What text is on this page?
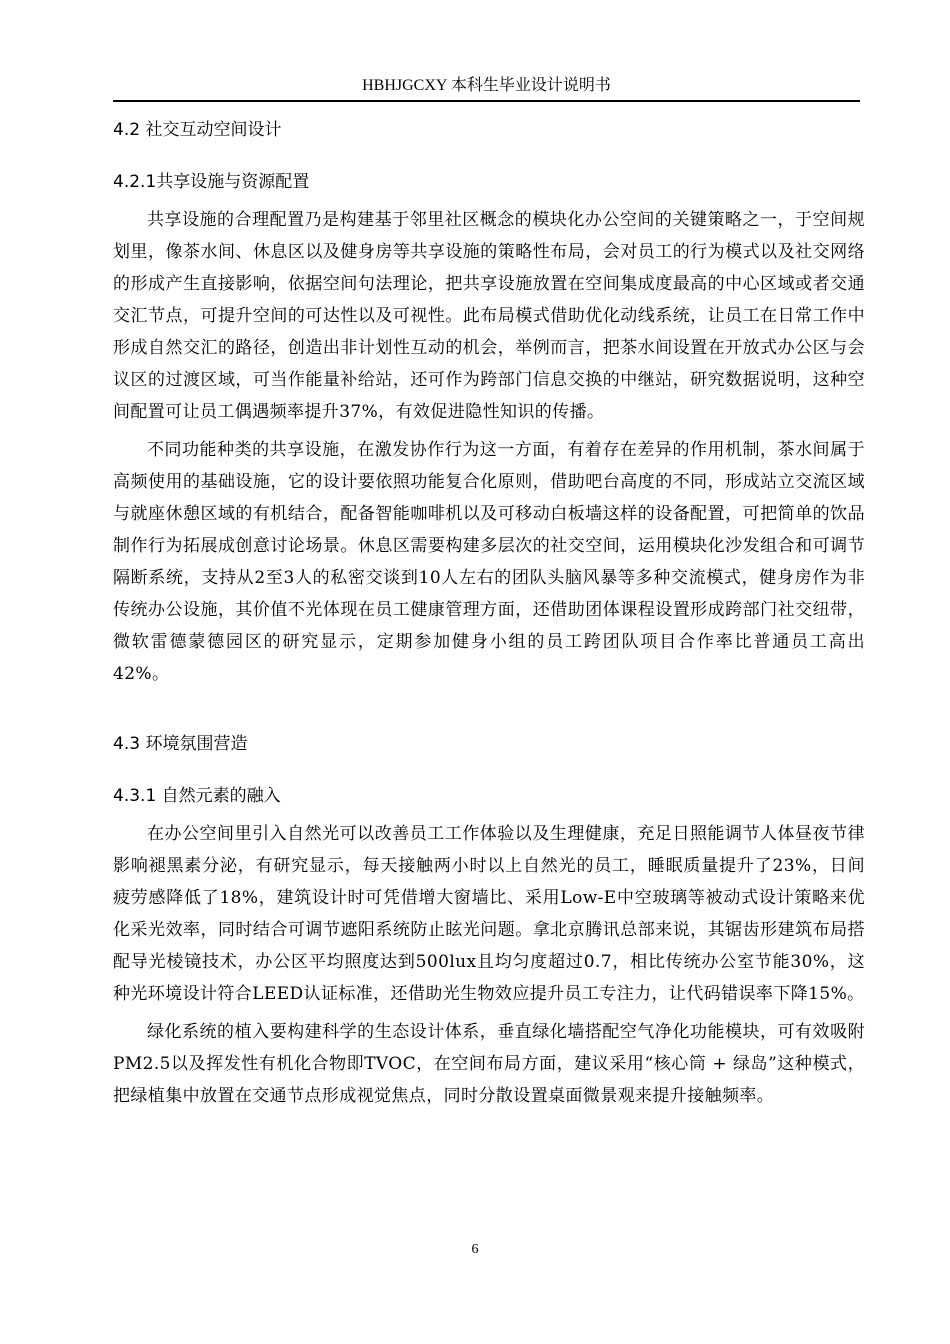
HBHJGCXY 本科生毕业设计说明书
4.2 社交互动空间设计
4.2.1共享设施与资源配置

共享设施的合理配置乃是构建基于邻里社区概念的模块化办公空间的关键策略之一，于空间规划里，像茶水间、休息区以及健身房等共享设施的策略性布局，会对员工的行为模式以及社交网络的形成产生直接影响，依据空间句法理论，把共享设施放置在空间集成度最高的中心区域或者交通交汇节点，可提升空间的可达性以及可视性。此布局模式借助优化动线系统，让员工在日常工作中形成自然交汇的路径，创造出非计划性互动的机会，举例而言，把茶水间设置在开放式办公区与会议区的过渡区域，可当作能量补给站，还可作为跨部门信息交换的中继站，研究数据说明，这种空间配置可让员工偶遇频率提升37%，有效促进隐性知识的传播。

不同功能种类的共享设施，在激发协作行为这一方面，有着存在差异的作用机制，茶水间属于高频使用的基础设施，它的设计要依照功能复合化原则，借助吧台高度的不同，形成站立交流区域与就座休憩区域的有机结合，配备智能咖啡机以及可移动白板墙这样的设备配置，可把简单的饮品制作行为拓展成创意讨论场景。休息区需要构建多层次的社交空间，运用模块化沙发组合和可调节隔断系统，支持从2至3人的私密交谈到10人左右的团队头脑风暴等多种交流模式，健身房作为非传统办公设施，其价值不光体现在员工健康管理方面，还借助团体课程设置形成跨部门社交纽带，微软雷德蒙德园区的研究显示，定期参加健身小组的员工跨团队项目合作率比普通员工高出42%。

4.3 环境氛围营造
4.3.1 自然元素的融入

在办公空间里引入自然光可以改善员工工作体验以及生理健康，充足日照能调节人体昼夜节律影响褪黑素分泌，有研究显示，每天接触两小时以上自然光的员工，睡眠质量提升了23%，日间疲劳感降低了18%，建筑设计时可凭借增大窗墙比、采用Low-E中空玻璃等被动式设计策略来优化采光效率，同时结合可调节遮阳系统防止眩光问题。拿北京腾讯总部来说，其锯齿形建筑布局搭配导光棱镜技术，办公区平均照度达到500lux且均匀度超过0.7，相比传统办公室节能30%，这种光环境设计符合LEED认证标准，还借助光生物效应提升员工专注力，让代码错误率下降15%。

绿化系统的植入要构建科学的生态设计体系，垂直绿化墙搭配空气净化功能模块，可有效吸附PM2.5以及挥发性有机化合物即TVOC，在空间布局方面，建议采用“核心筒 + 绿岛”这种模式，把绿植集中放置在交通节点形成视觉焦点，同时分散设置桌面微景观来提升接触频率。

6
